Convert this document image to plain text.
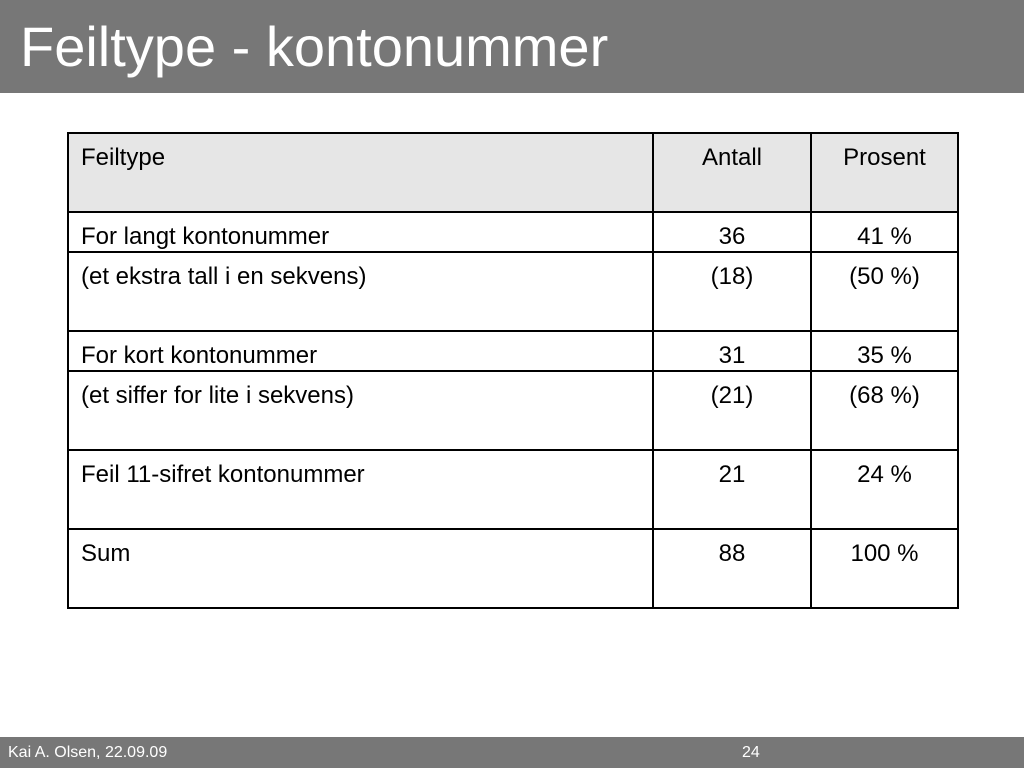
Feiltype - kontonummer
Feiltype	Antall	Prosent
For langt kontonummer	36	41 %
(et ekstra tall i en sekvens)	(18)	(50 %)
For kort kontonummer	31	35 %
(et siffer for lite i sekvens)	(21)	(68 %)
Feil 11-sifret kontonummer	21	24 %
Sum	88	100 %
Kai A. Olsen, 22.09.09	24
